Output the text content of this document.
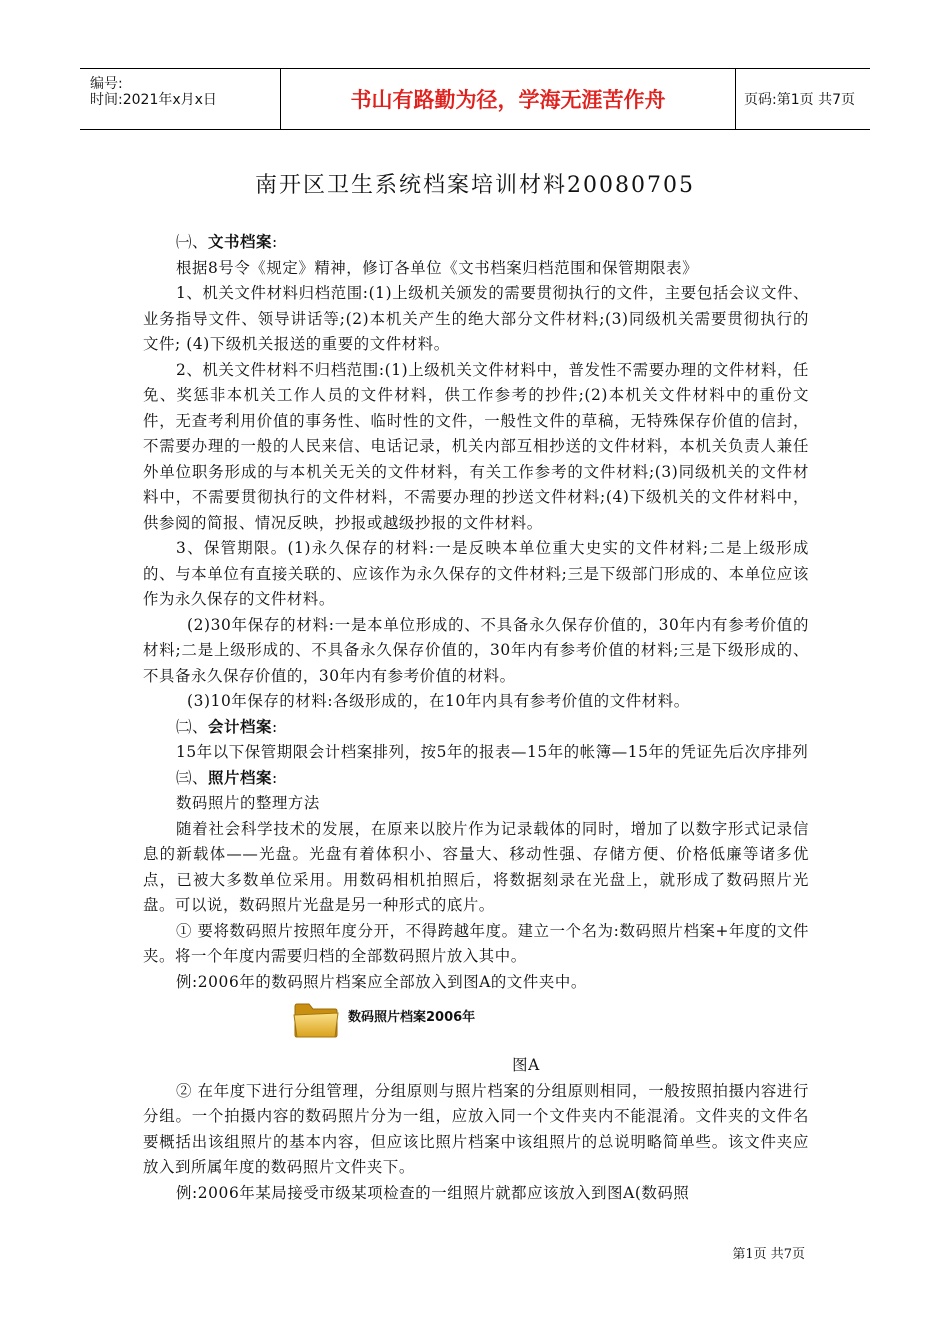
编号:
时间:2021年x月x日	书山有路勤为径，学海无涯苦作舟	页码:第1页 共7页
南开区卫生系统档案培训材料20080705

㈠、文书档案:

根据8号令《规定》精神，修订各单位《文书档案归档范围和保管期限表》

1、机关文件材料归档范围:(1)上级机关颁发的需要贯彻执行的文件，主要包括会议文件、业务指导文件、领导讲话等;(2)本机关产生的绝大部分文件材料;(3)同级机关需要贯彻执行的文件; (4)下级机关报送的重要的文件材料。

2、机关文件材料不归档范围:(1)上级机关文件材料中，普发性不需要办理的文件材料，任免、奖惩非本机关工作人员的文件材料，供工作参考的抄件;(2)本机关文件材料中的重份文件，无查考利用价值的事务性、临时性的文件，一般性文件的草稿，无特殊保存价值的信封，不需要办理的一般的人民来信、电话记录，机关内部互相抄送的文件材料，本机关负责人兼任外单位职务形成的与本机关无关的文件材料，有关工作参考的文件材料;(3)同级机关的文件材料中，不需要贯彻执行的文件材料，不需要办理的抄送文件材料;(4)下级机关的文件材料中，供参阅的简报、情况反映，抄报或越级抄报的文件材料。

3、保管期限。(1)永久保存的材料:一是反映本单位重大史实的文件材料;二是上级形成的、与本单位有直接关联的、应该作为永久保存的文件材料;三是下级部门形成的、本单位应该作为永久保存的文件材料。

(2)30年保存的材料:一是本单位形成的、不具备永久保存价值的，30年内有参考价值的材料;二是上级形成的、不具备永久保存价值的，30年内有参考价值的材料;三是下级形成的、不具备永久保存价值的，30年内有参考价值的材料。

(3)10年保存的材料:各级形成的，在10年内具有参考价值的文件材料。

㈡、会计档案:

15年以下保管期限会计档案排列，按5年的报表—15年的帐簿—15年的凭证先后次序排列

㈢、照片档案:

数码照片的整理方法

随着社会科学技术的发展，在原来以胶片作为记录载体的同时，增加了以数字形式记录信息的新载体——光盘。光盘有着体积小、容量大、移动性强、存储方便、价格低廉等诸多优点，已被大多数单位采用。用数码相机拍照后，将数据刻录在光盘上，就形成了数码照片光盘。可以说，数码照片光盘是另一种形式的底片。

① 要将数码照片按照年度分开，不得跨越年度。建立一个名为:数码照片档案+年度的文件夹。将一个年度内需要归档的全部数码照片放入其中。

例:2006年的数码照片档案应全部放入到图A的文件夹中。

数码照片档案2006年

图A

② 在年度下进行分组管理，分组原则与照片档案的分组原则相同，一般按照拍摄内容进行分组。一个拍摄内容的数码照片分为一组，应放入同一个文件夹内不能混淆。文件夹的文件名要概括出该组照片的基本内容，但应该比照片档案中该组照片的总说明略简单些。该文件夹应放入到所属年度的数码照片文件夹下。

例:2006年某局接受市级某项检查的一组照片就都应该放入到图A(数码照

第1页 共7页
